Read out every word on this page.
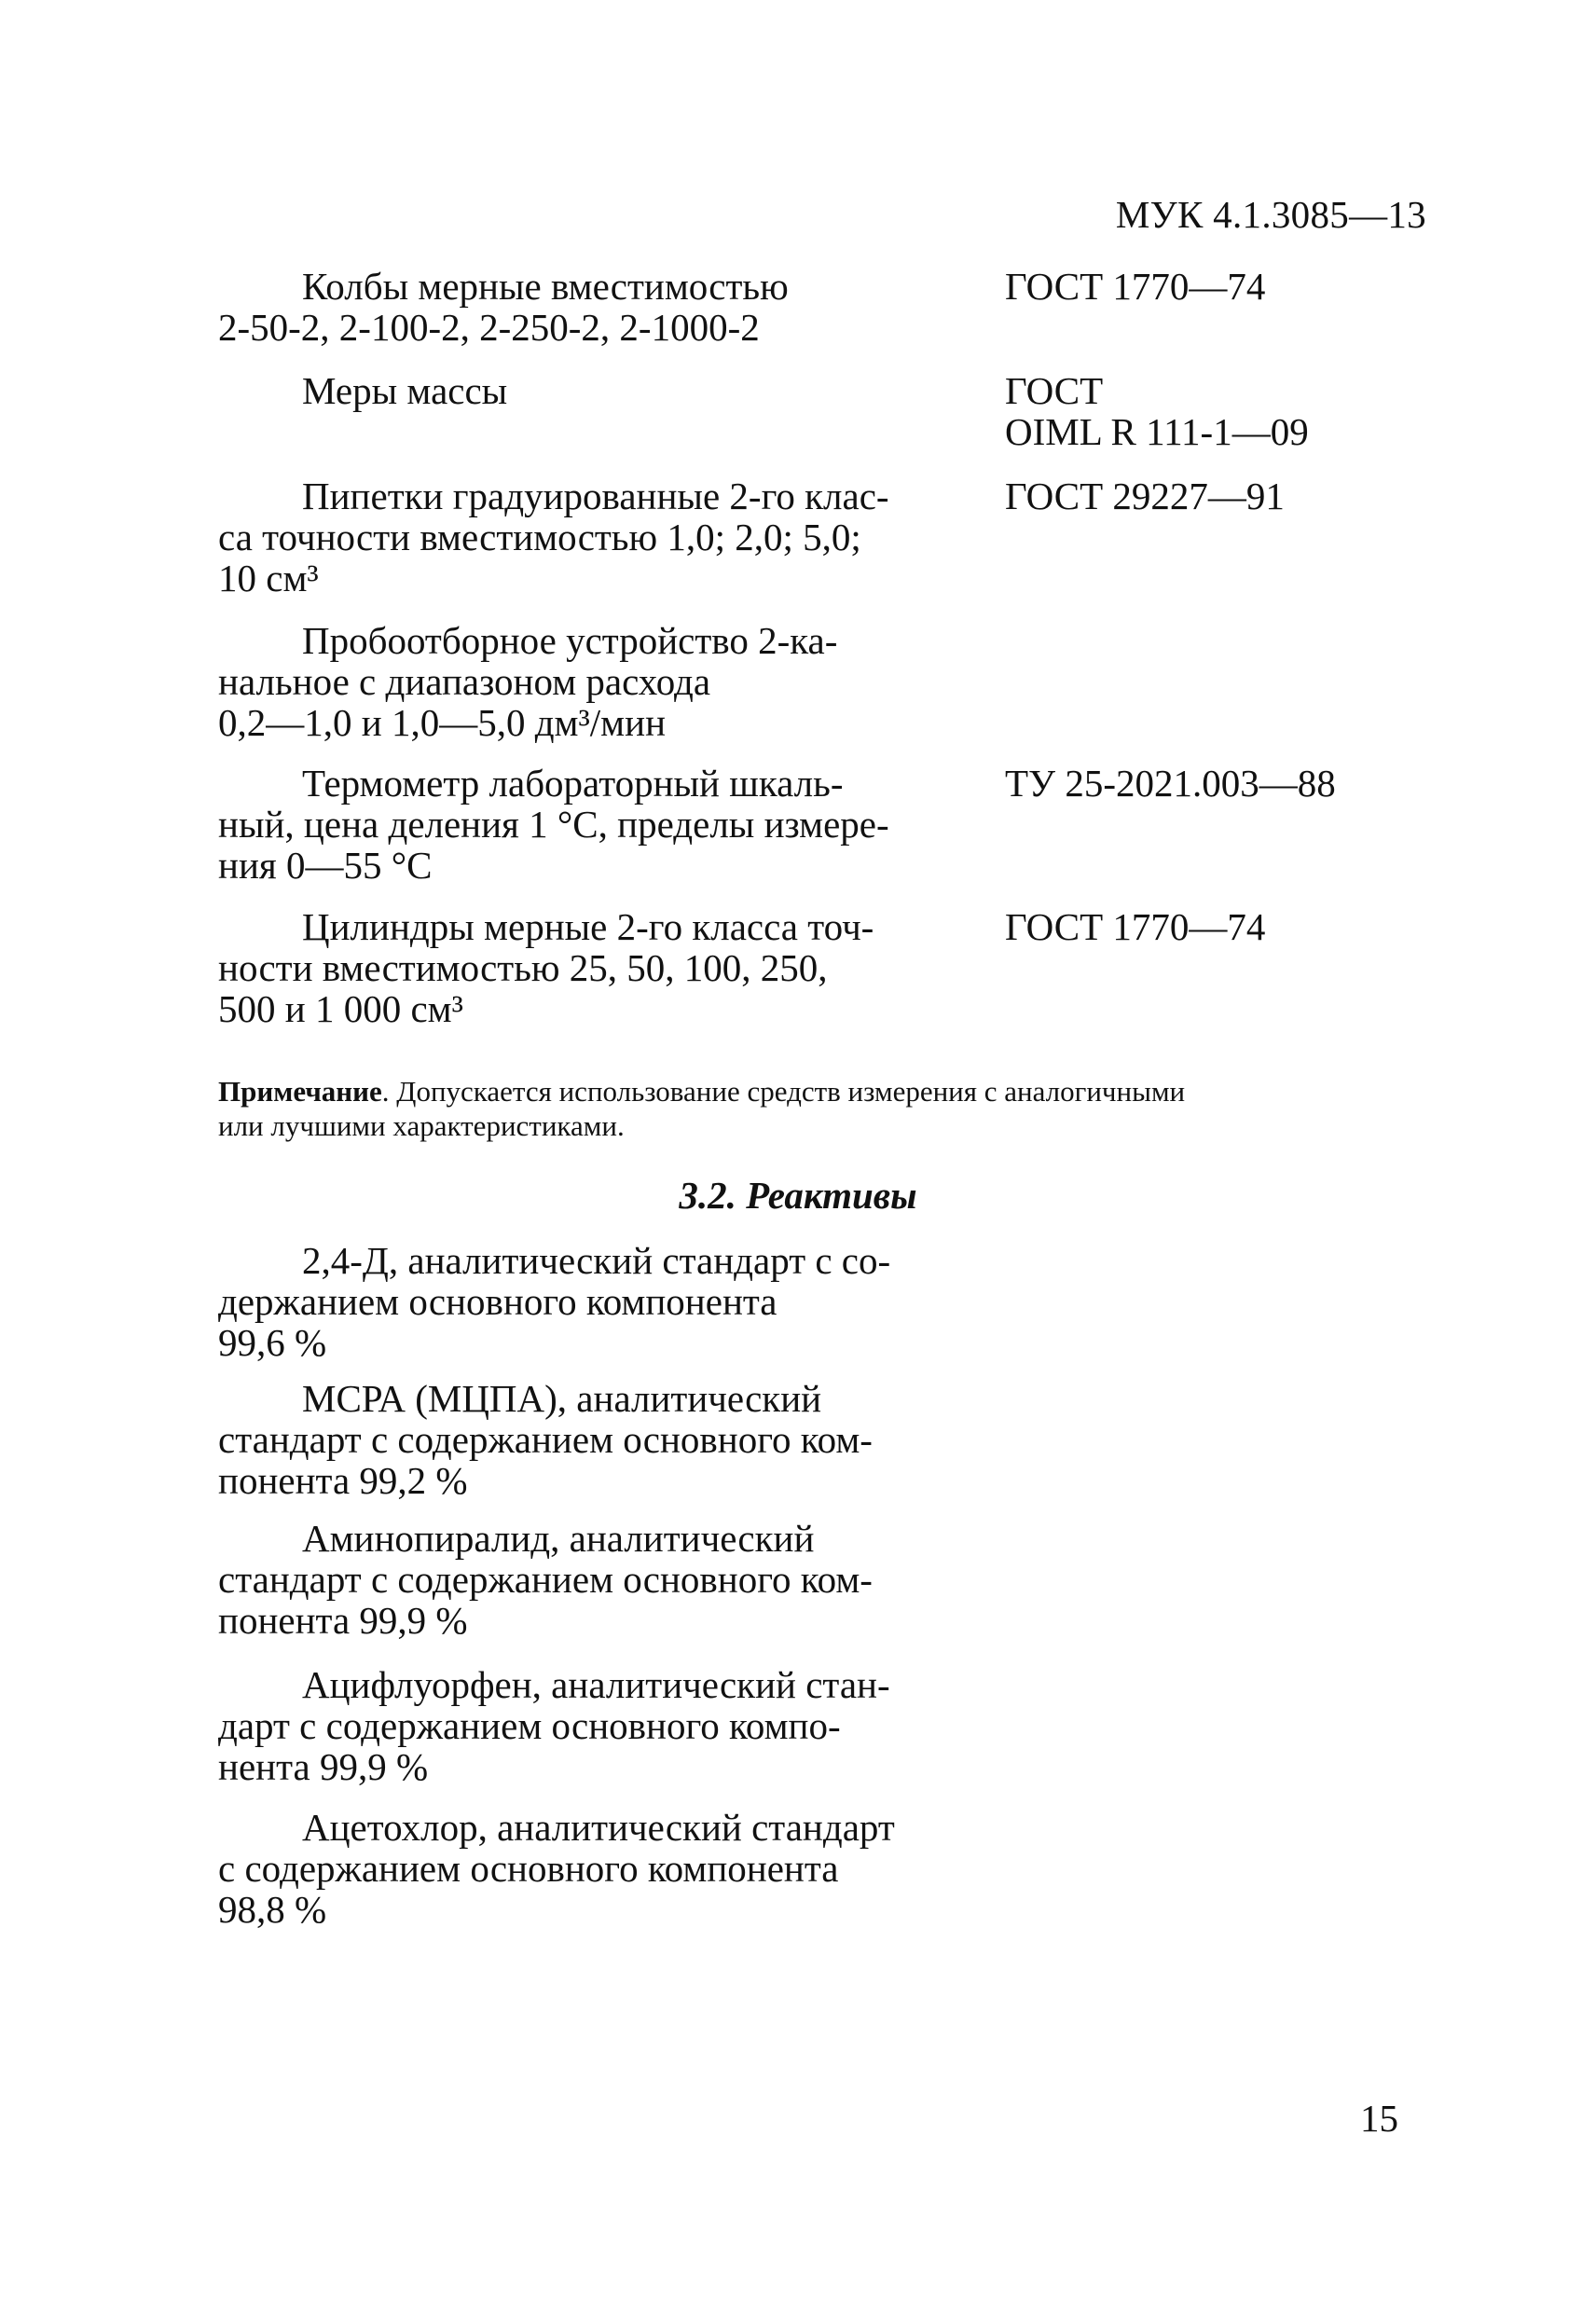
МУК 4.1.3085—13
Колбы мерные вместимостью
2-50-2, 2-100-2, 2-250-2, 2-1000-2
ГОСТ 1770—74
Меры массы	ГОСТ
OIML R 111-1—09
Пипетки градуированные 2-го клас-
са точности вместимостью 1,0; 2,0; 5,0;
10 см³
ГОСТ 29227—91
Пробоотборное устройство 2-ка-
нальное с диапазоном расхода
0,2—1,0 и 1,0—5,0 дм³/мин
Термометр лабораторный шкаль-
ный, цена деления 1 °С, пределы измере-
ния 0—55 °С
ТУ 25-2021.003—88
Цилиндры мерные 2-го класса точ-
ности вместимостью 25, 50, 100, 250,
500 и 1 000 см³
ГОСТ 1770—74
Примечание. Допускается использование средств измерения с аналогичными
или лучшими характеристиками.
3.2. Реактивы
2,4-Д, аналитический стандарт с со-
держанием основного компонента
99,6 %
МСРА (МЦПА), аналитический
стандарт с содержанием основного ком-
понента 99,2 %
Аминопиралид, аналитический
стандарт с содержанием основного ком-
понента 99,9 %
Ацифлуорфен, аналитический стан-
дарт с содержанием основного компо-
нента 99,9 %
Ацетохлор, аналитический стандарт
с содержанием основного компонента
98,8 %
15
